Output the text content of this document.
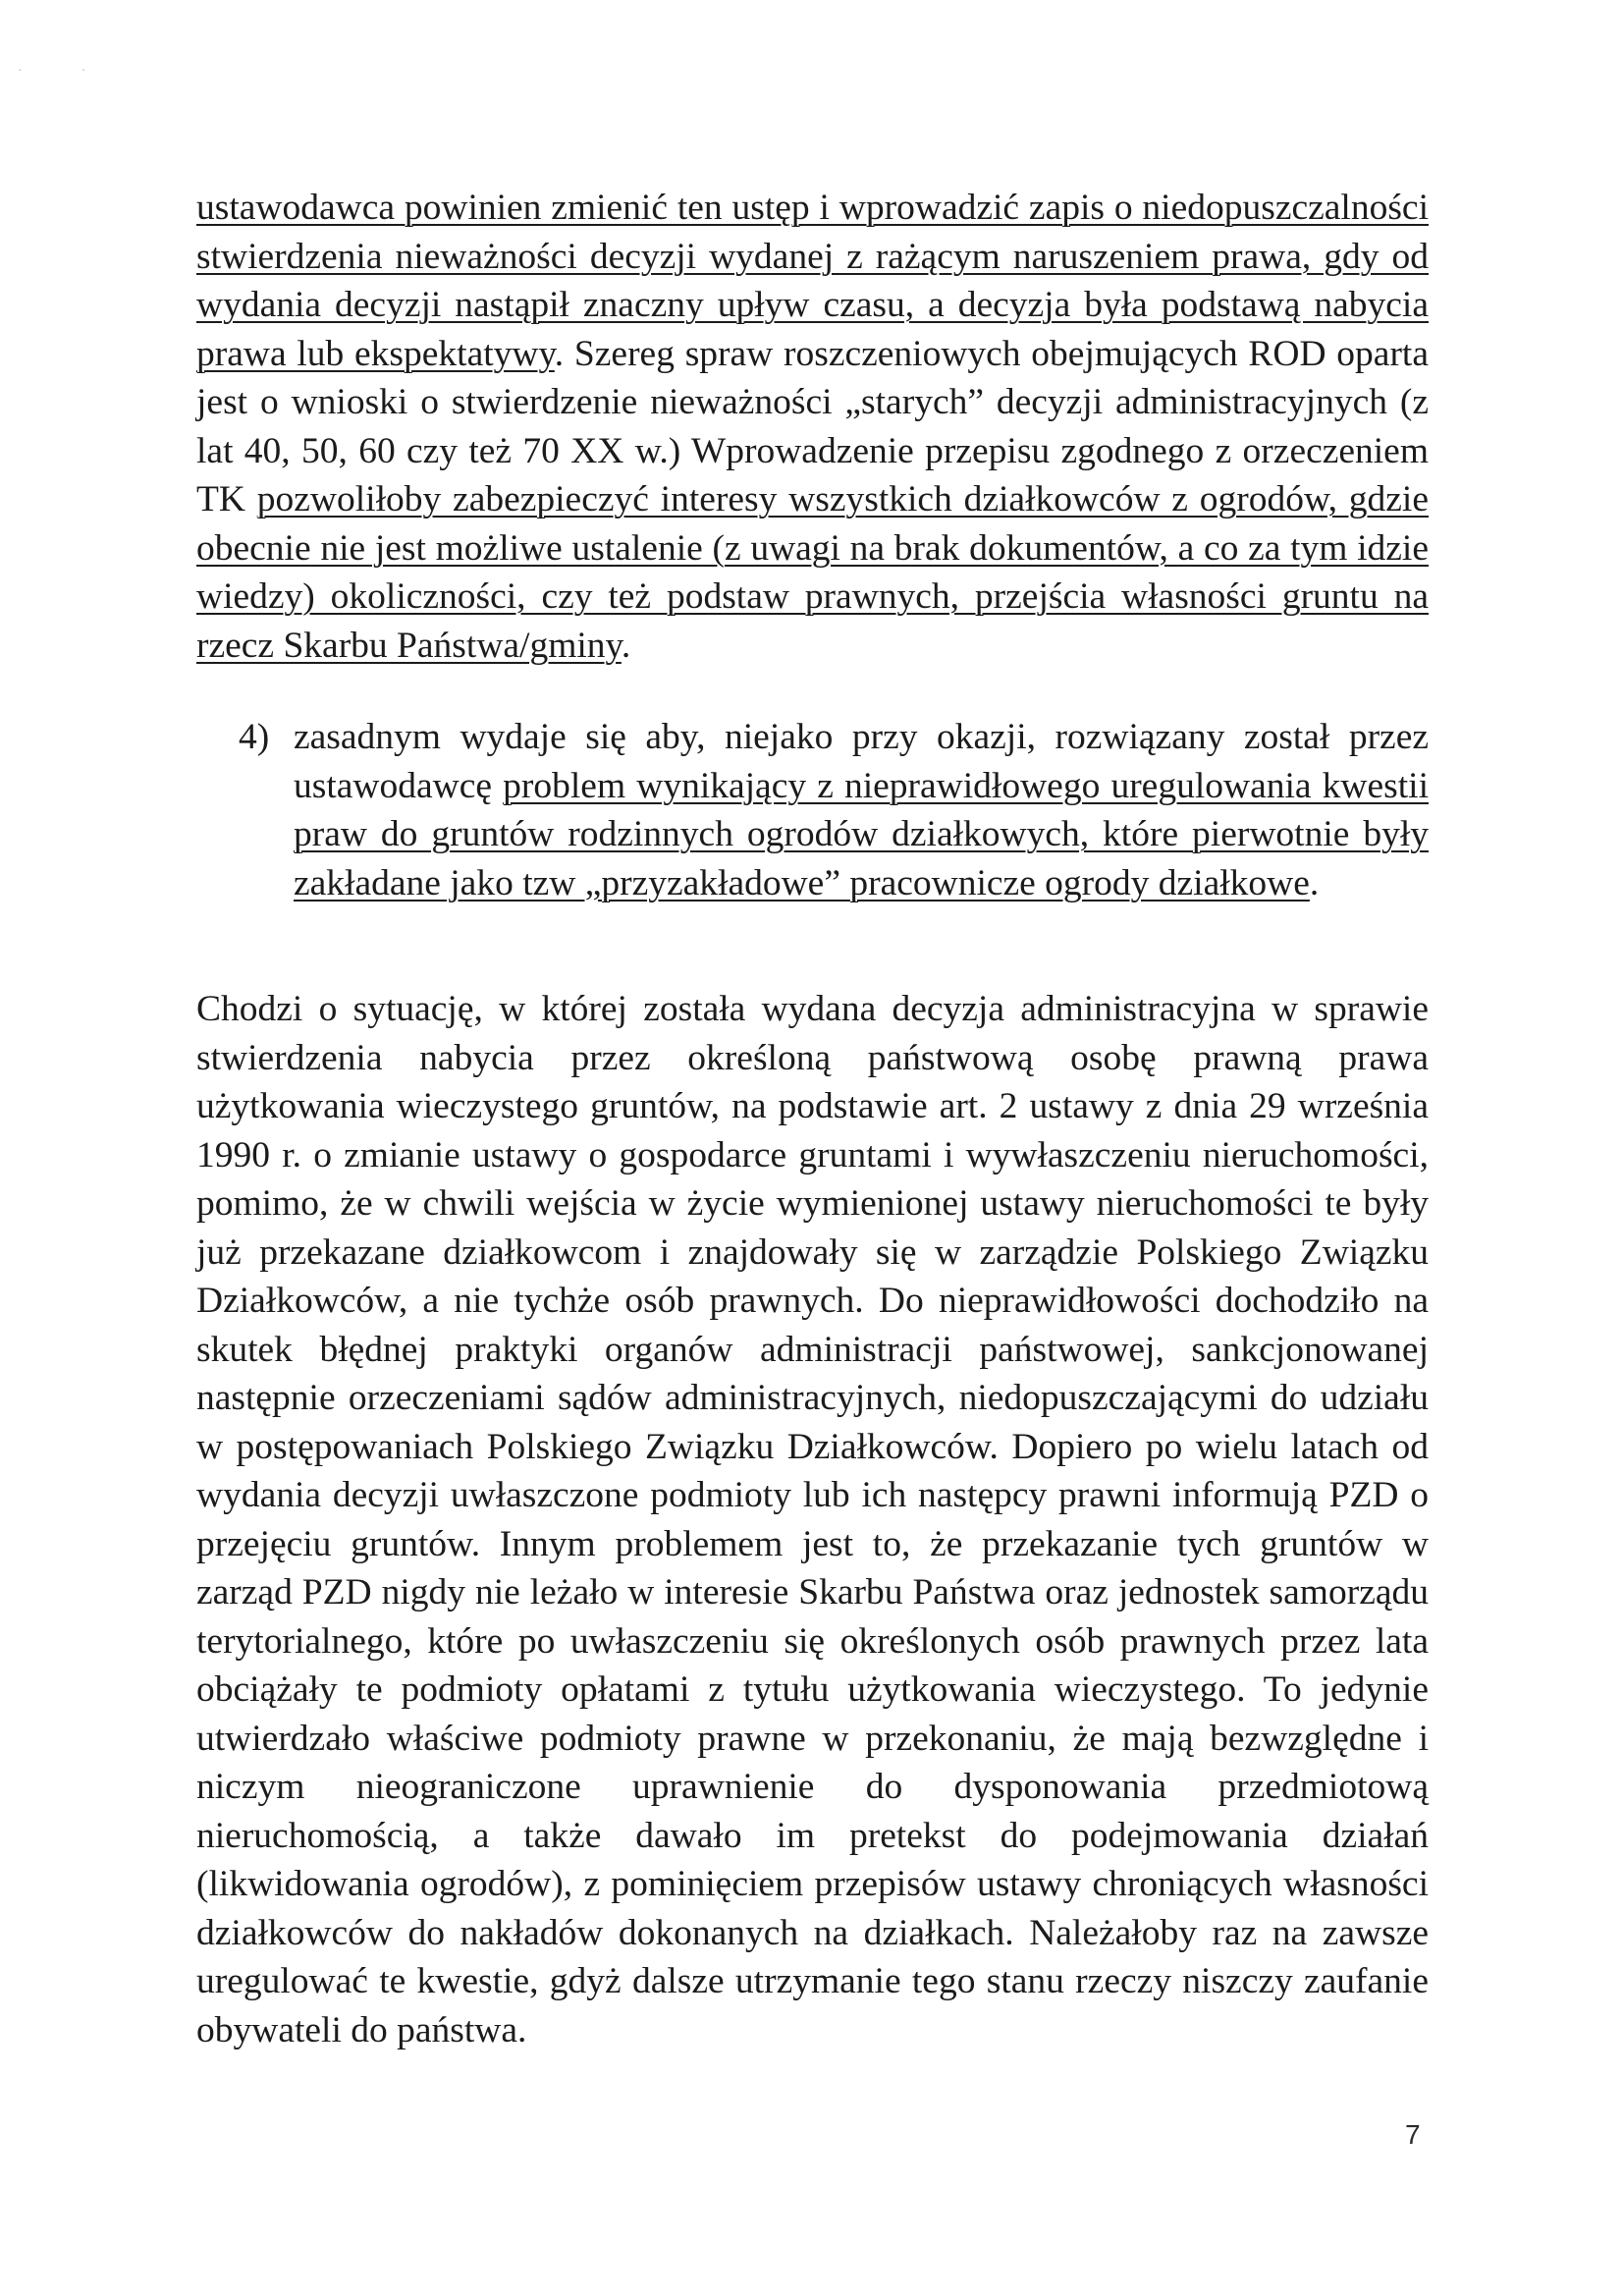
··

ustawodawca powinien zmienić ten ustęp i wprowadzić zapis o niedopuszczalności stwierdzenia nieważności decyzji wydanej z rażącym naruszeniem prawa, gdy od wydania decyzji nastąpił znaczny upływ czasu, a decyzja była podstawą nabycia prawa lub ekspektatywy. Szereg spraw roszczeniowych obejmujących ROD oparta jest o wnioski o stwierdzenie nieważności „starych” decyzji administracyjnych (z lat 40, 50, 60 czy też 70 XX w.) Wprowadzenie przepisu zgodnego z orzeczeniem TK pozwoliłoby zabezpieczyć interesy wszystkich działkowców z ogrodów, gdzie obecnie nie jest możliwe ustalenie (z uwagi na brak dokumentów, a co za tym idzie wiedzy) okoliczności, czy też podstaw prawnych, przejścia własności gruntu na rzecz Skarbu Państwa/gminy.

4) zasadnym wydaje się aby, niejako przy okazji, rozwiązany został przez ustawodawcę problem wynikający z nieprawidłowego uregulowania kwestii praw do gruntów rodzinnych ogrodów działkowych, które pierwotnie były zakładane jako tzw „przyzakładowe” pracownicze ogrody działkowe.

Chodzi o sytuację, w której została wydana decyzja administracyjna w sprawie stwierdzenia nabycia przez określoną państwową osobę prawną prawa użytkowania wieczystego gruntów, na podstawie art. 2 ustawy z dnia 29 września 1990 r. o zmianie ustawy o gospodarce gruntami i wywłaszczeniu nieruchomości, pomimo, że w chwili wejścia w życie wymienionej ustawy nieruchomości te były już przekazane działkowcom i znajdowały się w zarządzie Polskiego Związku Działkowców, a nie tychże osób prawnych. Do nieprawidłowości dochodziło na skutek błędnej praktyki organów administracji państwowej, sankcjonowanej następnie orzeczeniami sądów administracyjnych, niedopuszczającymi do udziału w postępowaniach Polskiego Związku Działkowców. Dopiero po wielu latach od wydania decyzji uwłaszczone podmioty lub ich następcy prawni informują PZD o przejęciu gruntów. Innym problemem jest to, że przekazanie tych gruntów w zarząd PZD nigdy nie leżało w interesie Skarbu Państwa oraz jednostek samorządu terytorialnego, które po uwłaszczeniu się określonych osób prawnych przez lata obciążały te podmioty opłatami z tytułu użytkowania wieczystego. To jedynie utwierdzało właściwe podmioty prawne w przekonaniu, że mają bezwzględne i niczym nieograniczone uprawnienie do dysponowania przedmiotową nieruchomością, a także dawało im pretekst do podejmowania działań (likwidowania ogrodów), z pominięciem przepisów ustawy chroniących własności działkowców do nakładów dokonanych na działkach. Należałoby raz na zawsze uregulować te kwestie, gdyż dalsze utrzymanie tego stanu rzeczy niszczy zaufanie obywateli do państwa.

7
